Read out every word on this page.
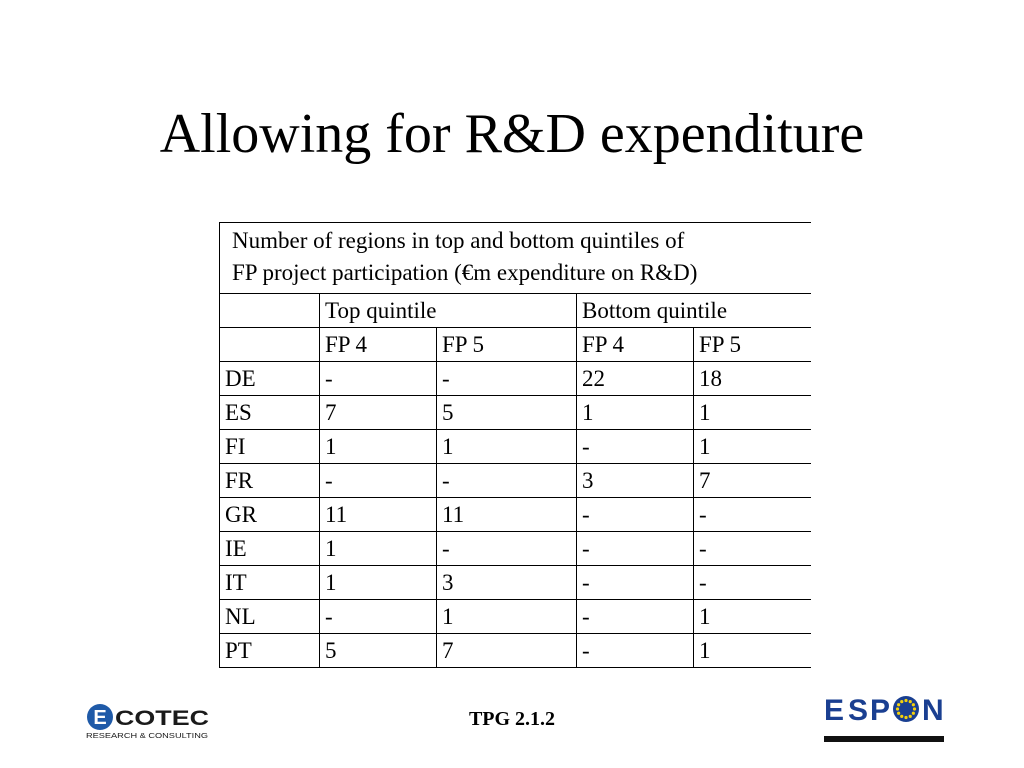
Allowing for R&D expenditure
Number of regions in top and bottom quintiles of
FP project participation (€m expenditure on R&D)				

	Top quintile		Bottom quintile	
	FP 4	FP 5	FP 4	FP 5
DE	-	-	22	18
ES	7	5	1	1
FI	1	1	-	1
FR	-	-	3	7
GR	11	11	-	-
IE	1	-	-	-
IT	1	3	-	-
NL	-	1	-	1
PT	5	7	-	1
E COTEC
RESEARCH & CONSULTING
TPG 2.1.2	E S P N
